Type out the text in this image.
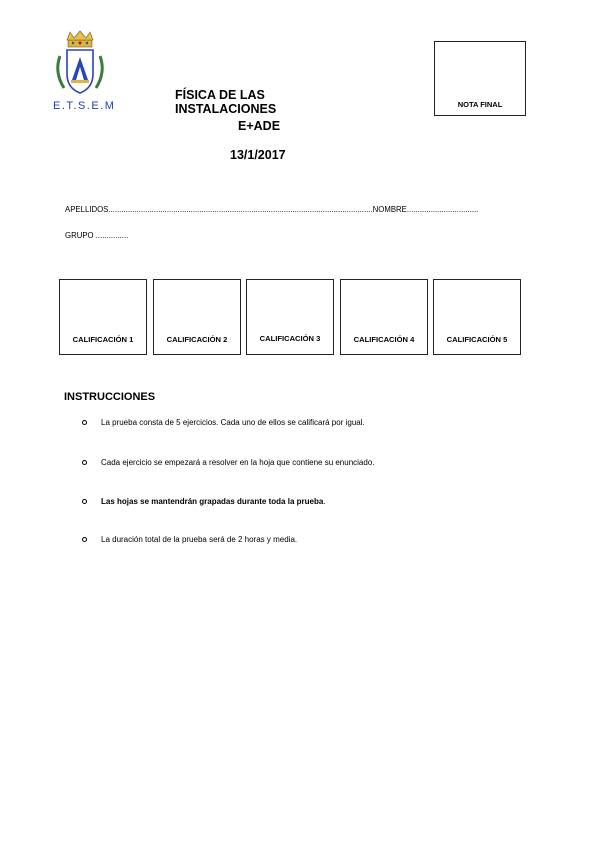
E.T.S.E.M
FÍSICA DE LAS INSTALACIONES
E+ADE
13/1/2017
NOTA FINAL
APELLIDOS..........................................................................................................................NOMBRE.................................
GRUPO ...............
CALIFICACIÓN 1	CALIFICACIÓN 2	CALIFICACIÓN 3	CALIFICACIÓN 4	CALIFICACIÓN 5
INSTRUCCIONES
La prueba consta de 5 ejercicios. Cada uno de ellos se calificará por igual.
Cada ejercicio se empezará a resolver en la hoja que contiene su enunciado.
Las hojas se mantendrán grapadas durante toda la prueba.
La duración total de la prueba será de 2 horas y media.
